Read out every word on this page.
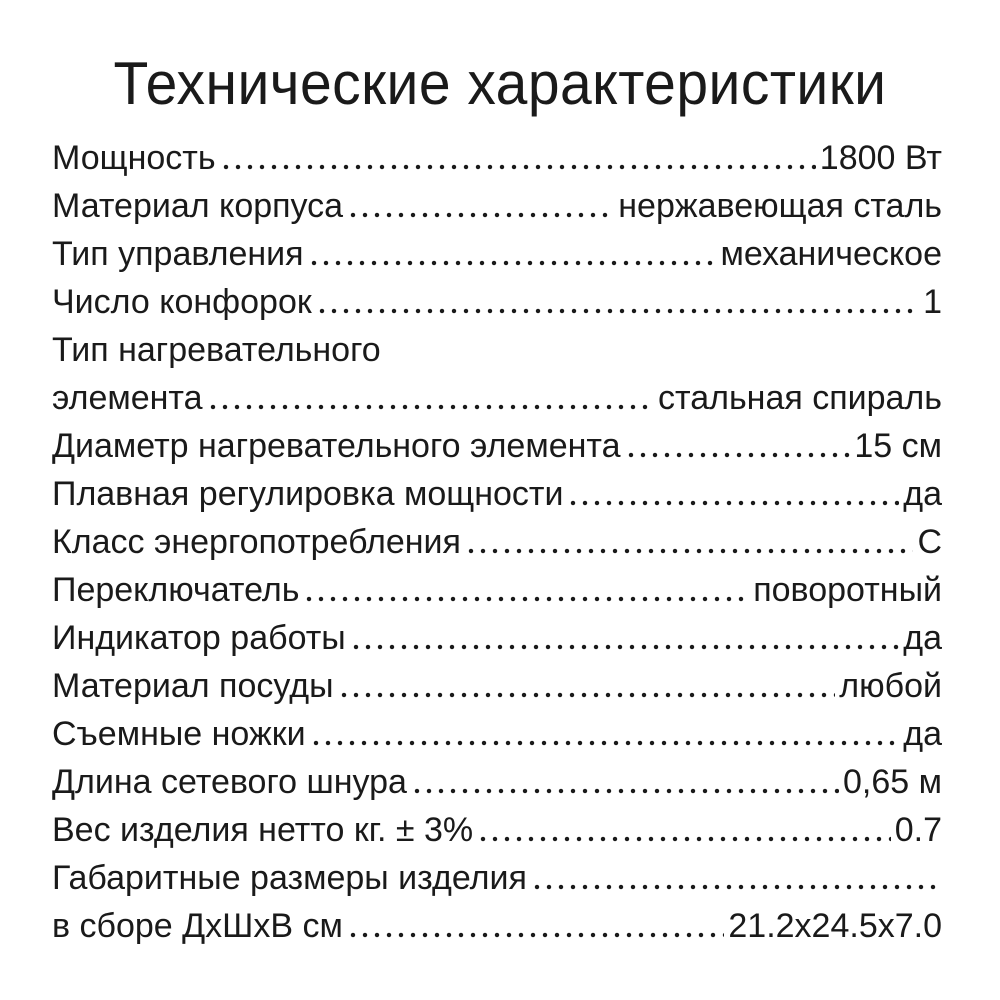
Технические характеристики
Мощность	1800 Вт
Материал корпуса	нержавеющая сталь
Тип управления	механическое
Число конфорок	1
Тип нагревательного
элемента	стальная спираль
Диаметр нагревательного элемента	15 см
Плавная регулировка мощности	да
Класс энергопотребления	С
Переключатель	поворотный
Индикатор работы	да
Материал посуды	любой
Съемные ножки	да
Длина сетевого шнура	0,65 м
Вес изделия нетто кг. ± 3%	0.7
Габаритные размеры изделия
в сборе ДхШхВ см	21.2x24.5x7.0
